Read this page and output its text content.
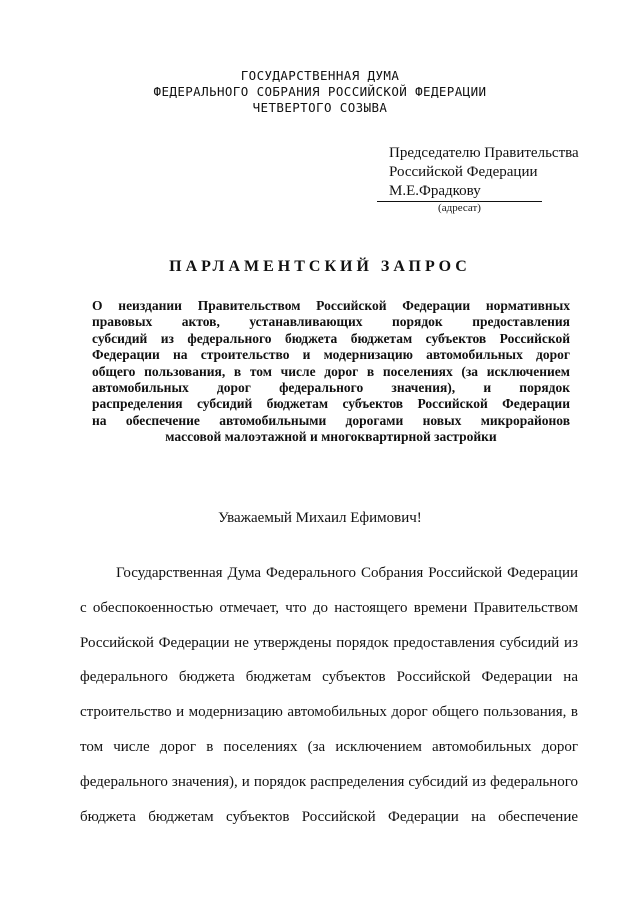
ГОСУДАРСТВЕННАЯ ДУМА
ФЕДЕРАЛЬНОГО СОБРАНИЯ РОССИЙСКОЙ ФЕДЕРАЦИИ
ЧЕТВЕРТОГО СОЗЫВА
Председателю Правительства
Российской Федерации
М.Е.Фрадкову
(адресат)
ПАРЛАМЕНТСКИЙ ЗАПРОС
О неиздании Правительством Российской Федерации нормативных
правовых актов, устанавливающих порядок предоставления
субсидий из федерального бюджета бюджетам субъектов Российской
Федерации на строительство и модернизацию автомобильных дорог
общего пользования, в том числе дорог в поселениях (за исключением
автомобильных дорог федерального значения), и порядок
распределения субсидий бюджетам субъектов Российской Федерации
на обеспечение автомобильными дорогами новых микрорайонов
массовой малоэтажной и многоквартирной застройки
Уважаемый Михаил Ефимович!
Государственная Дума Федерального Собрания Российской Федерации
с обеспокоенностью отмечает, что до настоящего времени Правительством
Российской Федерации не утверждены порядок предоставления субсидий из
федерального бюджета бюджетам субъектов Российской Федерации на
строительство и модернизацию автомобильных дорог общего пользования, в
том числе дорог в поселениях (за исключением автомобильных дорог
федерального значения), и порядок распределения субсидий из федерального
бюджета бюджетам субъектов Российской Федерации на обеспечение
